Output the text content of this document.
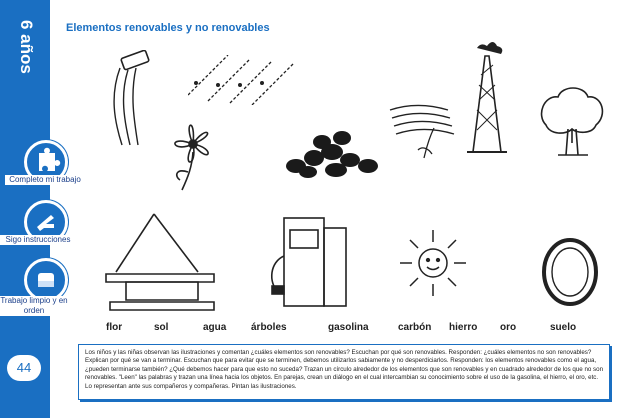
6 años
Completo mi trabajo
Sigo instrucciones
Trabajo limpio y en orden
44
Elementos renovables y no renovables
flor	sol	agua árboles	gasolina	carbón hierro oro	suelo
Los niños y las niñas observan las ilustraciones y comentan ¿cuáles elementos son renovables? Escuchan por qué son renovables. Responden: ¿cuáles elementos no son renovables? Explican por qué se van a terminar. Escuchan que para evitar que se terminen, debemos utilizarlos sabiamente y no desperdiciarlos. Responden: los elementos renovables como el agua, ¿pueden terminarse también? ¿Qué debemos hacer para que esto no suceda? Trazan un círculo alrededor de los elementos que son renovables y en cuadrado alrededor de los que no son renovables. "Leen" las palabras y trazan una línea hacia los objetos. En parejas, crean un diálogo en el cual intercambian su conocimiento sobre el uso de la gasolina, el hierro, el oro, etc. Lo representan ante sus compañeros y compañeras. Pintan las ilustraciones.
